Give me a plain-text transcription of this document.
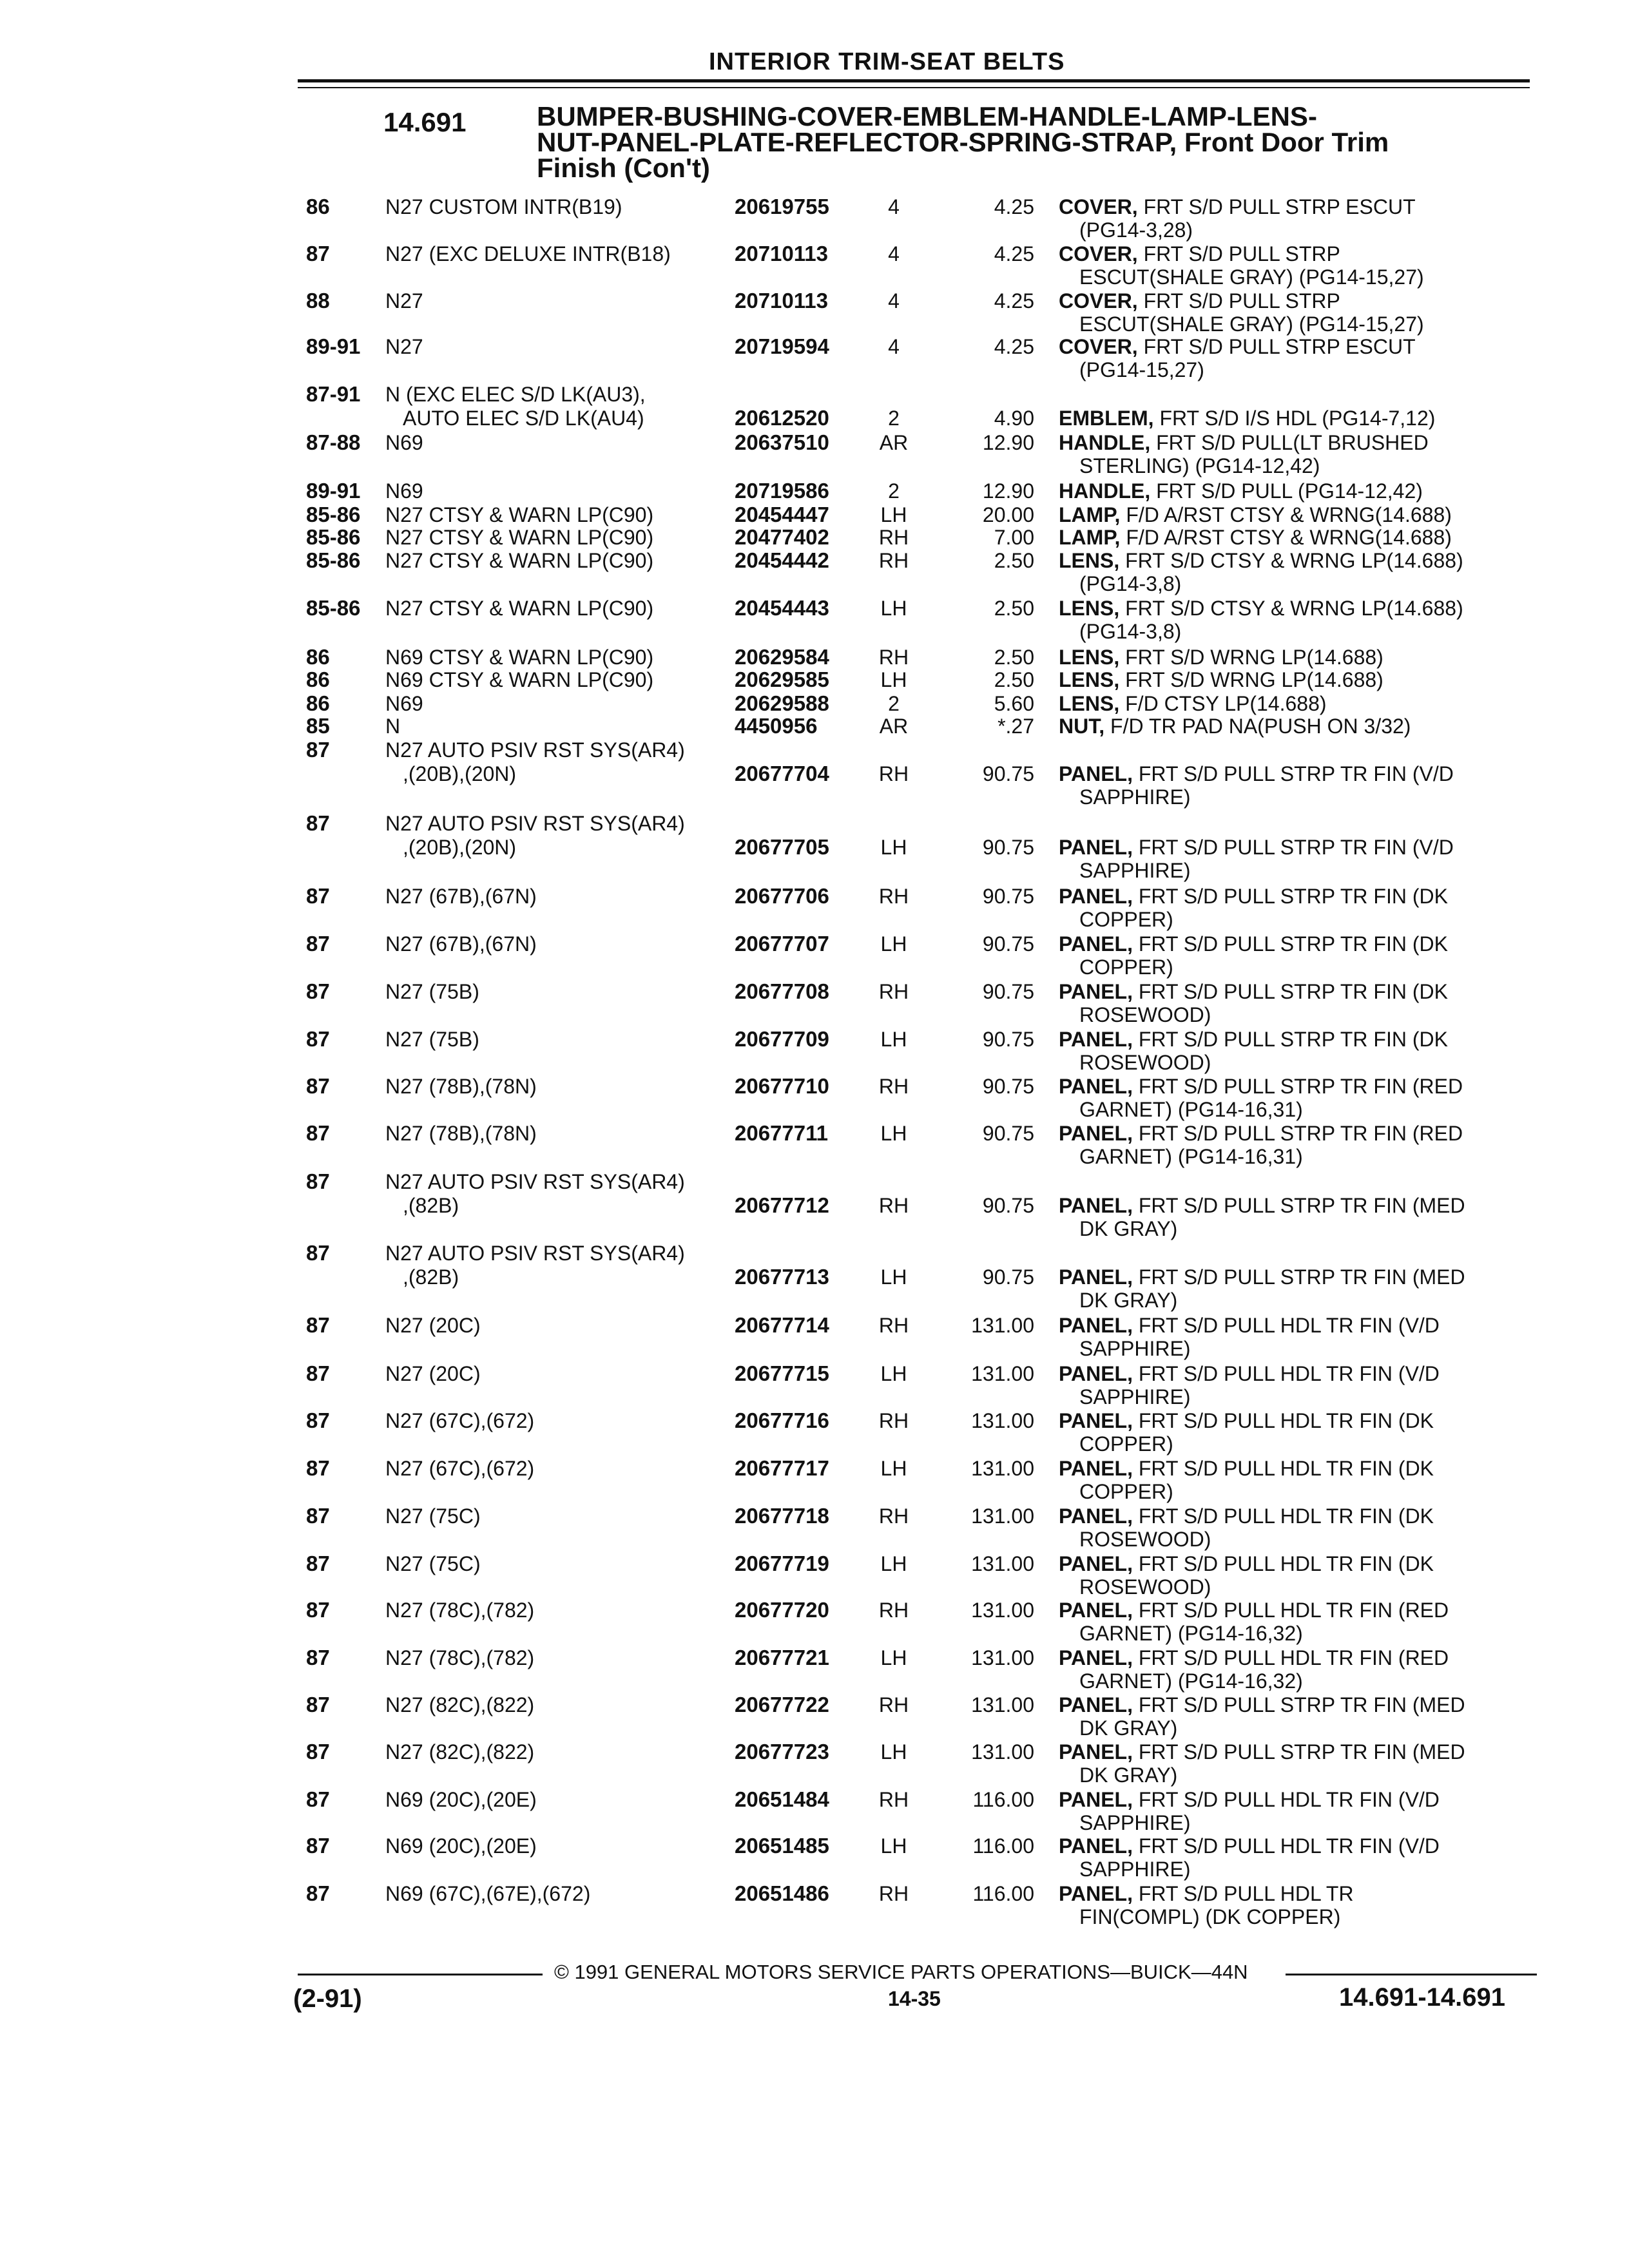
INTERIOR TRIM-SEAT BELTS
14.691	BUMPER-BUSHING-COVER-EMBLEM-HANDLE-LAMP-LENS-
NUT-PANEL-PLATE-REFLECTOR-SPRING-STRAP, Front Door Trim
Finish (Con't)
86	N27 CUSTOM INTR(B19)	20619755	4	4.25 COVER, FRT S/D PULL STRP ESCUT
(PG14-3,28)
87	N27 (EXC DELUXE INTR(B18)	20710113	4	4.25 COVER, FRT S/D PULL STRP
ESCUT(SHALE GRAY) (PG14-15,27)
88	N27	20710113	4	4.25 COVER, FRT S/D PULL STRP
ESCUT(SHALE GRAY) (PG14-15,27)
89-91 N27	20719594	4	4.25 COVER, FRT S/D PULL STRP ESCUT
(PG14-15,27)
87-91 N (EXC ELEC S/D LK(AU3),
AUTO ELEC S/D LK(AU4)	20612520	2	4.90 EMBLEM, FRT S/D I/S HDL (PG14-7,12)
87-88 N69	20637510	AR	12.90 HANDLE, FRT S/D PULL(LT BRUSHED
STERLING) (PG14-12,42)
89-91 N69	20719586	2	12.90 HANDLE, FRT S/D PULL (PG14-12,42)
85-86 N27 CTSY & WARN LP(C90)	20454447	LH	20.00 LAMP, F/D A/RST CTSY & WRNG(14.688)
85-86 N27 CTSY & WARN LP(C90)	20477402	RH	7.00 LAMP, F/D A/RST CTSY & WRNG(14.688)
85-86 N27 CTSY & WARN LP(C90)	20454442	RH	2.50 LENS, FRT S/D CTSY & WRNG LP(14.688)
(PG14-3,8)
85-86 N27 CTSY & WARN LP(C90)	20454443	LH	2.50 LENS, FRT S/D CTSY & WRNG LP(14.688)
(PG14-3,8)
86	N69 CTSY & WARN LP(C90)	20629584	RH	2.50 LENS, FRT S/D WRNG LP(14.688)
86	N69 CTSY & WARN LP(C90)	20629585	LH	2.50 LENS, FRT S/D WRNG LP(14.688)
86	N69	20629588	2	5.60 LENS, F/D CTSY LP(14.688)
85	N	4450956	AR	*.27 NUT, F/D TR PAD NA(PUSH ON 3/32)
87	N27 AUTO PSIV RST SYS(AR4)
,(20B),(20N)	20677704	RH	90.75 PANEL, FRT S/D PULL STRP TR FIN (V/D
SAPPHIRE)
87	N27 AUTO PSIV RST SYS(AR4)
,(20B),(20N)	20677705	LH	90.75 PANEL, FRT S/D PULL STRP TR FIN (V/D
SAPPHIRE)
87	N27 (67B),(67N)	20677706	RH	90.75 PANEL, FRT S/D PULL STRP TR FIN (DK
COPPER)
87	N27 (67B),(67N)	20677707	LH	90.75 PANEL, FRT S/D PULL STRP TR FIN (DK
COPPER)
87	N27 (75B)	20677708	RH	90.75 PANEL, FRT S/D PULL STRP TR FIN (DK
ROSEWOOD)
87	N27 (75B)	20677709	LH	90.75 PANEL, FRT S/D PULL STRP TR FIN (DK
ROSEWOOD)
87	N27 (78B),(78N)	20677710	RH	90.75 PANEL, FRT S/D PULL STRP TR FIN (RED
GARNET) (PG14-16,31)
87	N27 (78B),(78N)	20677711	LH	90.75 PANEL, FRT S/D PULL STRP TR FIN (RED
GARNET) (PG14-16,31)
87	N27 AUTO PSIV RST SYS(AR4)
,(82B)	20677712	RH	90.75 PANEL, FRT S/D PULL STRP TR FIN (MED
DK GRAY)
87	N27 AUTO PSIV RST SYS(AR4)
,(82B)	20677713	LH	90.75 PANEL, FRT S/D PULL STRP TR FIN (MED
DK GRAY)
87	N27 (20C)	20677714	RH	131.00 PANEL, FRT S/D PULL HDL TR FIN (V/D
SAPPHIRE)
87	N27 (20C)	20677715	LH	131.00 PANEL, FRT S/D PULL HDL TR FIN (V/D
SAPPHIRE)
87	N27 (67C),(672)	20677716	RH	131.00 PANEL, FRT S/D PULL HDL TR FIN (DK
COPPER)
87	N27 (67C),(672)	20677717	LH	131.00 PANEL, FRT S/D PULL HDL TR FIN (DK
COPPER)
87	N27 (75C)	20677718	RH	131.00 PANEL, FRT S/D PULL HDL TR FIN (DK
ROSEWOOD)
87	N27 (75C)	20677719	LH	131.00 PANEL, FRT S/D PULL HDL TR FIN (DK
ROSEWOOD)
87	N27 (78C),(782)	20677720	RH	131.00 PANEL, FRT S/D PULL HDL TR FIN (RED
GARNET) (PG14-16,32)
87	N27 (78C),(782)	20677721	LH	131.00 PANEL, FRT S/D PULL HDL TR FIN (RED
GARNET) (PG14-16,32)
87	N27 (82C),(822)	20677722	RH	131.00 PANEL, FRT S/D PULL STRP TR FIN (MED
DK GRAY)
87	N27 (82C),(822)	20677723	LH	131.00 PANEL, FRT S/D PULL STRP TR FIN (MED
DK GRAY)
87	N69 (20C),(20E)	20651484	RH	116.00 PANEL, FRT S/D PULL HDL TR FIN (V/D
SAPPHIRE)
87	N69 (20C),(20E)	20651485	LH	116.00 PANEL, FRT S/D PULL HDL TR FIN (V/D
SAPPHIRE)
87	N69 (67C),(67E),(672)	20651486	RH	116.00 PANEL, FRT S/D PULL HDL TR
FIN(COMPL) (DK COPPER)
© 1991 GENERAL MOTORS SERVICE PARTS OPERATIONS—BUICK—44N
(2-91)	14-35	14.691-14.691
